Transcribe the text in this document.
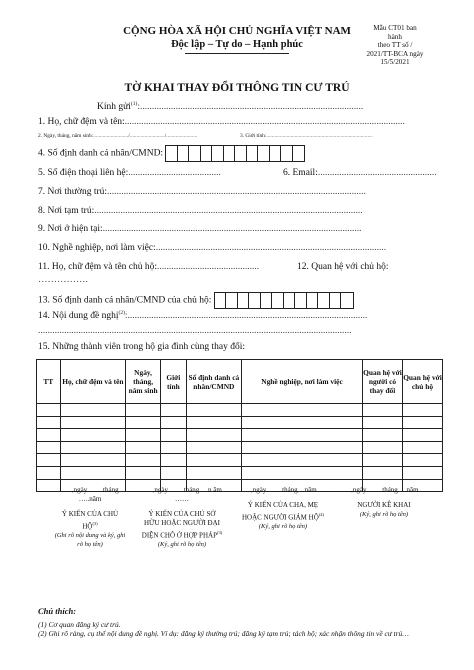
CỘNG HÒA XÃ HỘI CHỦ NGHĨA VIỆT NAM
Độc lập – Tự do – Hạnh phúc
Mẫu CT01 ban
hành
theo TT số /
2021/TT-BCA ngày
15/5/2021
TỜ KHAI THAY ĐỔI THÔNG TIN CƯ TRÚ
Kính gửi$^{(1)}$:..............................................................................................
1. Họ, chữ đệm và tên:......................................................................................................................
2. Ngày, tháng, năm sinh:........................../........................../.......................	3. Giới tính:...............................................................................
4. Số định danh cá nhân/CMND:
5. Số điện thoại liên hệ:.......................................	6. Email:..................................................
7. Nơi thường trú:.............................................................................................................
8. Nơi tạm trú:.................................................................................................................
9. Nơi ở hiện tại:.............................................................................................................
10. Nghề nghiệp, nơi làm việc:.................................................................................................
11. Họ, chữ đệm và tên chủ hộ:...........................................	12. Quan hệ với chủ hộ:
…………….
13. Số định danh cá nhân/CMND của chủ hộ:
14. Nội dung đề nghị$^{(2)}$:.....................................................................................................
....................................................................................................................................
15. Những thành viên trong hộ gia đình cùng thay đổi:
TT	Họ, chữ đệm và tên	Ngày, tháng, năm sinh	Giới tính	Số định danh cá nhân/CMND	Nghề nghiệp, nơi làm việc	Quan hệ với người có thay đổi	Quan hệ với chủ hộ

…..,ngày…….tháng …..năm
Ý KIẾN CỦA CHỦ HỘ$^{(3)}$
(Ghi rõ nội dung và ký, ghi rõ họ tên)
…..,ngày…….tháng….n ăm ……
Ý KIẾN CỦA CHỦ SỞ HỮU HOẶC NGƯỜI ĐẠI DIỆN CHỖ Ở HỢP PHÁP$^{(3)}$
(Ký, ghi rõ họ tên)
…..,ngày…….tháng…năm …
Ý KIẾN CỦA CHA, MẸ HOẶC NGƯỜI GIÁM HỘ$^{(4)}$
(Ký, ghi rõ họ tên)
…..,ngày…….tháng….năm …
NGƯỜI KÊ KHAI
(Ký, ghi rõ họ tên)
Chú thích:
(1) Cơ quan đăng ký cư trú.
(2) Ghi rõ ràng, cụ thể nội dung đề nghị. Ví dụ: đăng ký thường trú; đăng ký tạm trú; tách hộ; xác nhận thông tin về cư trú…
